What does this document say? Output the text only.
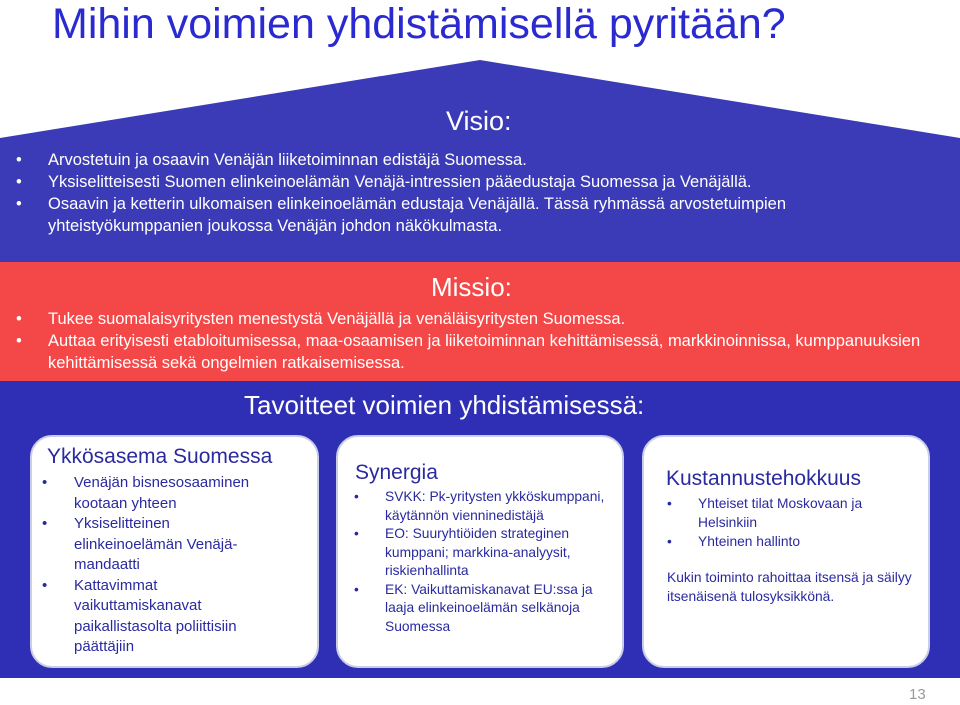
Mihin voimien yhdistämisellä pyritään?
Visio:
• Arvostetuin ja osaavin Venäjän liiketoiminnan edistäjä Suomessa.
• Yksiselitteisesti Suomen elinkeinoelämän Venäjä-intressien pääedustaja Suomessa ja Venäjällä.
• Osaavin ja ketterin ulkomaisen elinkeinoelämän edustaja Venäjällä. Tässä ryhmässä arvostetuimpien yhteistyökumppanien joukossa Venäjän johdon näkökulmasta.
Missio:
• Tukee suomalaisyritysten menestystä Venäjällä ja venäläisyritysten Suomessa.
• Auttaa erityisesti etabloitumisessa, maa-osaamisen ja liiketoiminnan kehittämisessä, markkinoinnissa, kumppanuuksien kehittämisessä sekä ongelmien ratkaisemisessa.
Tavoitteet voimien yhdistämisessä:
Ykkösasema Suomessa
• Venäjän bisnesosaaminen kootaan yhteen
• Yksiselitteinen elinkeinoelämän Venäjä-mandaatti
• Kattavimmat vaikuttamiskanavat paikallistasolta poliittisiin päättäjiin
Synergia
• SVKK: Pk-yritysten ykköskumppani, käytännön vienninedistäjä
• EO: Suuryhtiöiden strateginen kumppani; markkina-analyysit, riskienhallinta
• EK: Vaikuttamiskanavat EU:ssa ja laaja elinkeinoelämän selkänoja Suomessa
Kustannustehokkuus
• Yhteiset tilat Moskovaan ja Helsinkiin
• Yhteinen hallinto
Kukin toiminto rahoittaa itsensä ja säilyy itsenäisenä tulosyksikkönä.
13
